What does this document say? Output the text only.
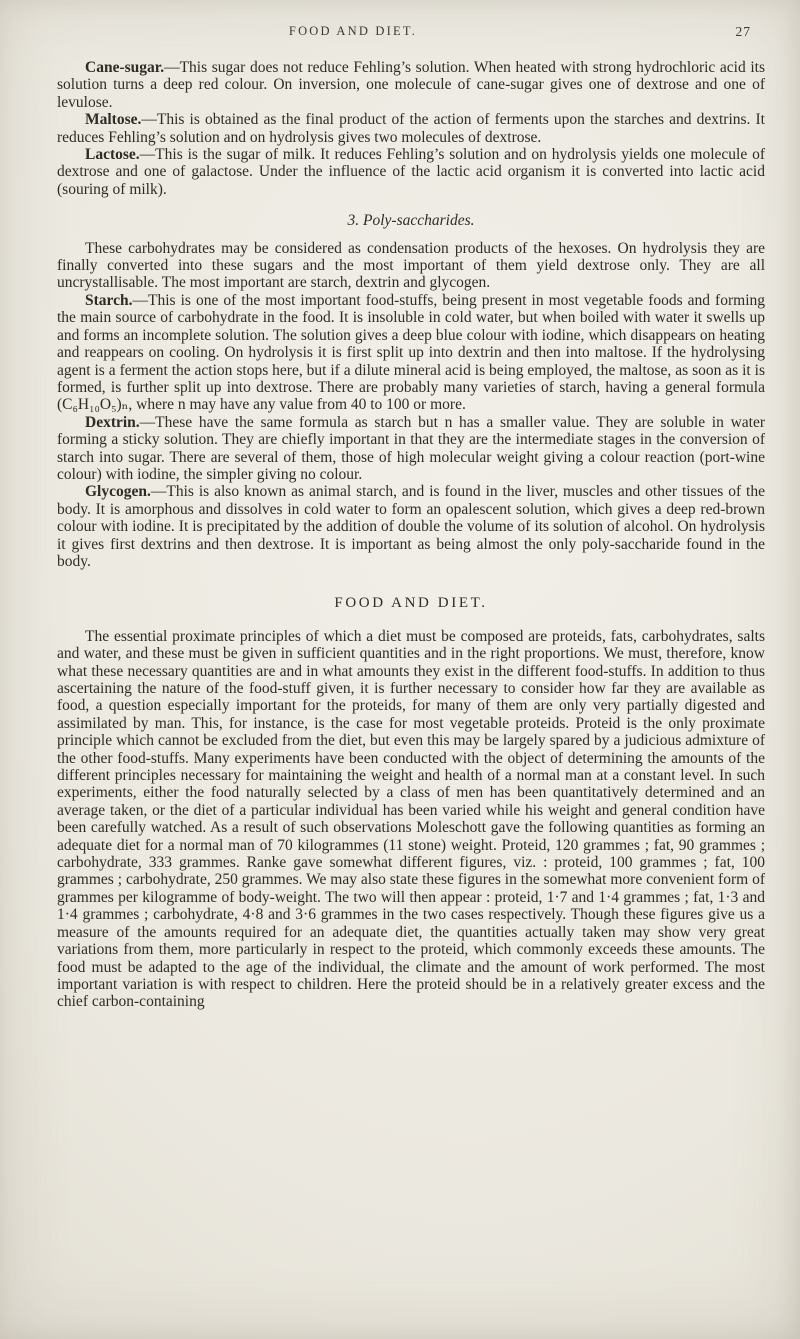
FOOD AND DIET.	27

Cane-sugar.—This sugar does not reduce Fehling’s solution. When heated with strong hydrochloric acid its solution turns a deep red colour. On inversion, one molecule of cane-sugar gives one of dextrose and one of levulose.

Maltose.—This is obtained as the final product of the action of ferments upon the starches and dextrins. It reduces Fehling’s solution and on hydrolysis gives two molecules of dextrose.

Lactose.—This is the sugar of milk. It reduces Fehling’s solution and on hydrolysis yields one molecule of dextrose and one of galactose. Under the influence of the lactic acid organism it is converted into lactic acid (souring of milk).

3. Poly-saccharides.

These carbohydrates may be considered as condensation products of the hexoses. On hydrolysis they are finally converted into these sugars and the most important of them yield dextrose only. They are all uncrystallisable. The most important are starch, dextrin and glycogen.

Starch.—This is one of the most important food-stuffs, being present in most vegetable foods and forming the main source of carbohydrate in the food. It is insoluble in cold water, but when boiled with water it swells up and forms an incomplete solution. The solution gives a deep blue colour with iodine, which disappears on heating and reappears on cooling. On hydrolysis it is first split up into dextrin and then into maltose. If the hydrolysing agent is a ferment the action stops here, but if a dilute mineral acid is being employed, the maltose, as soon as it is formed, is further split up into dextrose. There are probably many varieties of starch, having a general formula (C₆H₁₀O₅)ₙ, where n may have any value from 40 to 100 or more.

Dextrin.—These have the same formula as starch but n has a smaller value. They are soluble in water forming a sticky solution. They are chiefly important in that they are the intermediate stages in the conversion of starch into sugar. There are several of them, those of high molecular weight giving a colour reaction (port-wine colour) with iodine, the simpler giving no colour.

Glycogen.—This is also known as animal starch, and is found in the liver, muscles and other tissues of the body. It is amorphous and dissolves in cold water to form an opalescent solution, which gives a deep red-brown colour with iodine. It is precipitated by the addition of double the volume of its solution of alcohol. On hydrolysis it gives first dextrins and then dextrose. It is important as being almost the only poly-saccharide found in the body.

FOOD AND DIET.

The essential proximate principles of which a diet must be composed are proteids, fats, carbohydrates, salts and water, and these must be given in sufficient quantities and in the right proportions. We must, therefore, know what these necessary quantities are and in what amounts they exist in the different food-stuffs. In addition to thus ascertaining the nature of the food-stuff given, it is further necessary to consider how far they are available as food, a question especially important for the proteids, for many of them are only very partially digested and assimilated by man. This, for instance, is the case for most vegetable proteids. Proteid is the only proximate principle which cannot be excluded from the diet, but even this may be largely spared by a judicious admixture of the other food-stuffs. Many experiments have been conducted with the object of determining the amounts of the different principles necessary for maintaining the weight and health of a normal man at a constant level. In such experiments, either the food naturally selected by a class of men has been quantitatively determined and an average taken, or the diet of a particular individual has been varied while his weight and general condition have been carefully watched. As a result of such observations Moleschott gave the following quantities as forming an adequate diet for a normal man of 70 kilogrammes (11 stone) weight. Proteid, 120 grammes ; fat, 90 grammes ; carbohydrate, 333 grammes. Ranke gave somewhat different figures, viz. : proteid, 100 grammes ; fat, 100 grammes ; carbohydrate, 250 grammes. We may also state these figures in the somewhat more convenient form of grammes per kilogramme of body-weight. The two will then appear : proteid, 1·7 and 1·4 grammes ; fat, 1·3 and 1·4 grammes ; carbohydrate, 4·8 and 3·6 grammes in the two cases respectively. Though these figures give us a measure of the amounts required for an adequate diet, the quantities actually taken may show very great variations from them, more particularly in respect to the proteid, which commonly exceeds these amounts. The food must be adapted to the age of the individual, the climate and the amount of work performed. The most important variation is with respect to children. Here the proteid should be in a relatively greater excess and the chief carbon-containing
